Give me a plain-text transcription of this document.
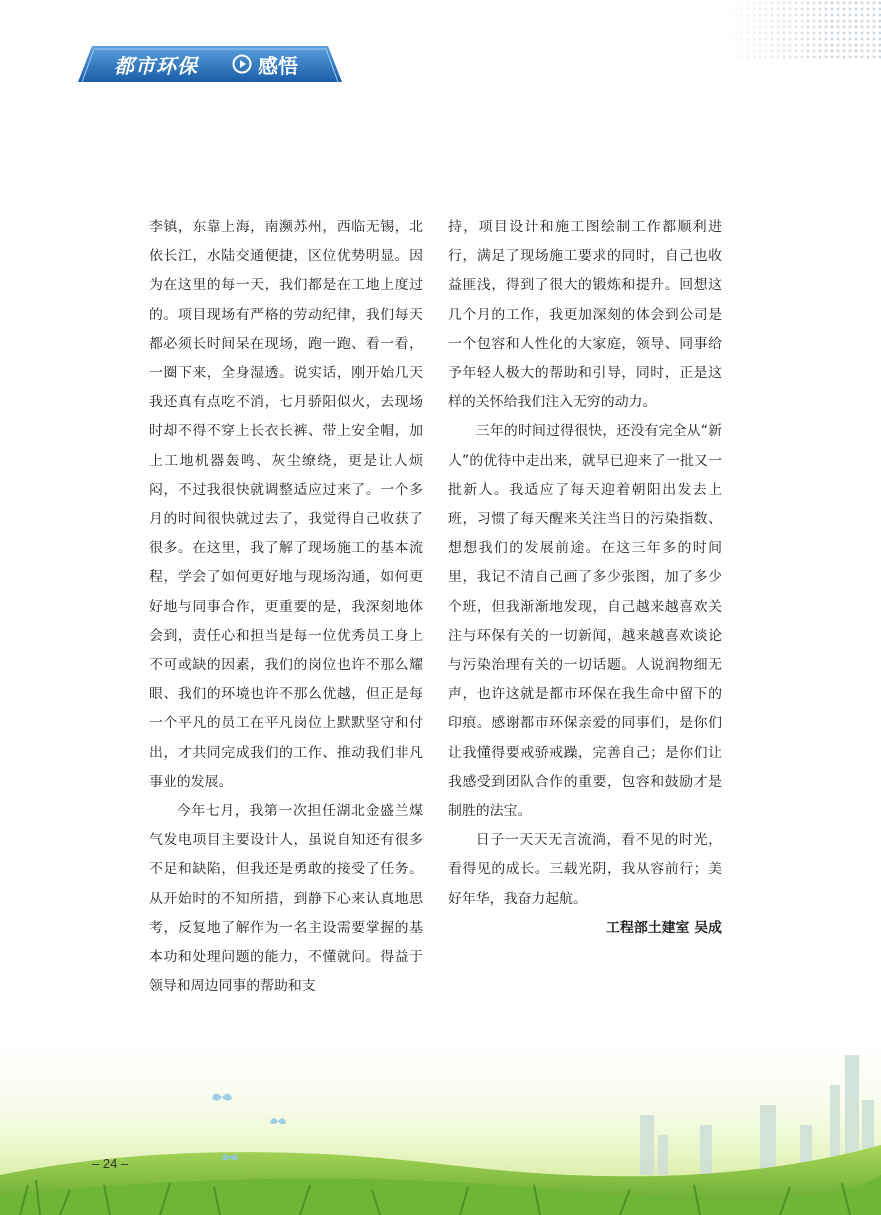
都市环保	感悟

李镇，东靠上海，南濒苏州，西临无锡，北依长江，水陆交通便捷，区位优势明显。因为在这里的每一天，我们都是在工地上度过的。项目现场有严格的劳动纪律，我们每天都必须长时间呆在现场，跑一跑、看一看，一圈下来，全身湿透。说实话，刚开始几天我还真有点吃不消，七月骄阳似火，去现场时却不得不穿上长衣长裤、带上安全帽，加上工地机器轰鸣、灰尘缭绕，更是让人烦闷，不过我很快就调整适应过来了。一个多月的时间很快就过去了，我觉得自己收获了很多。在这里，我了解了现场施工的基本流程，学会了如何更好地与现场沟通，如何更好地与同事合作，更重要的是，我深刻地体会到，责任心和担当是每一位优秀员工身上不可或缺的因素，我们的岗位也许不那么耀眼、我们的环境也许不那么优越，但正是每一个平凡的员工在平凡岗位上默默坚守和付出，才共同完成我们的工作、推动我们非凡事业的发展。

今年七月，我第一次担任湖北金盛兰煤气发电项目主要设计人，虽说自知还有很多不足和缺陷，但我还是勇敢的接受了任务。从开始时的不知所措，到静下心来认真地思考，反复地了解作为一名主设需要掌握的基本功和处理问题的能力，不懂就问。得益于领导和周边同事的帮助和支

持，项目设计和施工图绘制工作都顺利进行，满足了现场施工要求的同时，自己也收益匪浅，得到了很大的锻炼和提升。回想这几个月的工作，我更加深刻的体会到公司是一个包容和人性化的大家庭，领导、同事给予年轻人极大的帮助和引导，同时，正是这样的关怀给我们注入无穷的动力。

三年的时间过得很快，还没有完全从“新人”的优待中走出来，就早已迎来了一批又一批新人。我适应了每天迎着朝阳出发去上班，习惯了每天醒来关注当日的污染指数、想想我们的发展前途。在这三年多的时间里，我记不清自己画了多少张图，加了多少个班，但我渐渐地发现，自己越来越喜欢关注与环保有关的一切新闻，越来越喜欢谈论与污染治理有关的一切话题。人说润物细无声，也许这就是都市环保在我生命中留下的印痕。感谢都市环保亲爱的同事们，是你们让我懂得要戒骄戒躁，完善自己；是你们让我感受到团队合作的重要，包容和鼓励才是制胜的法宝。

日子一天天无言流淌，看不见的时光，看得见的成长。三载光阴，我从容前行；美好年华，我奋力起航。

工程部土建室 吴成

– 24 –
